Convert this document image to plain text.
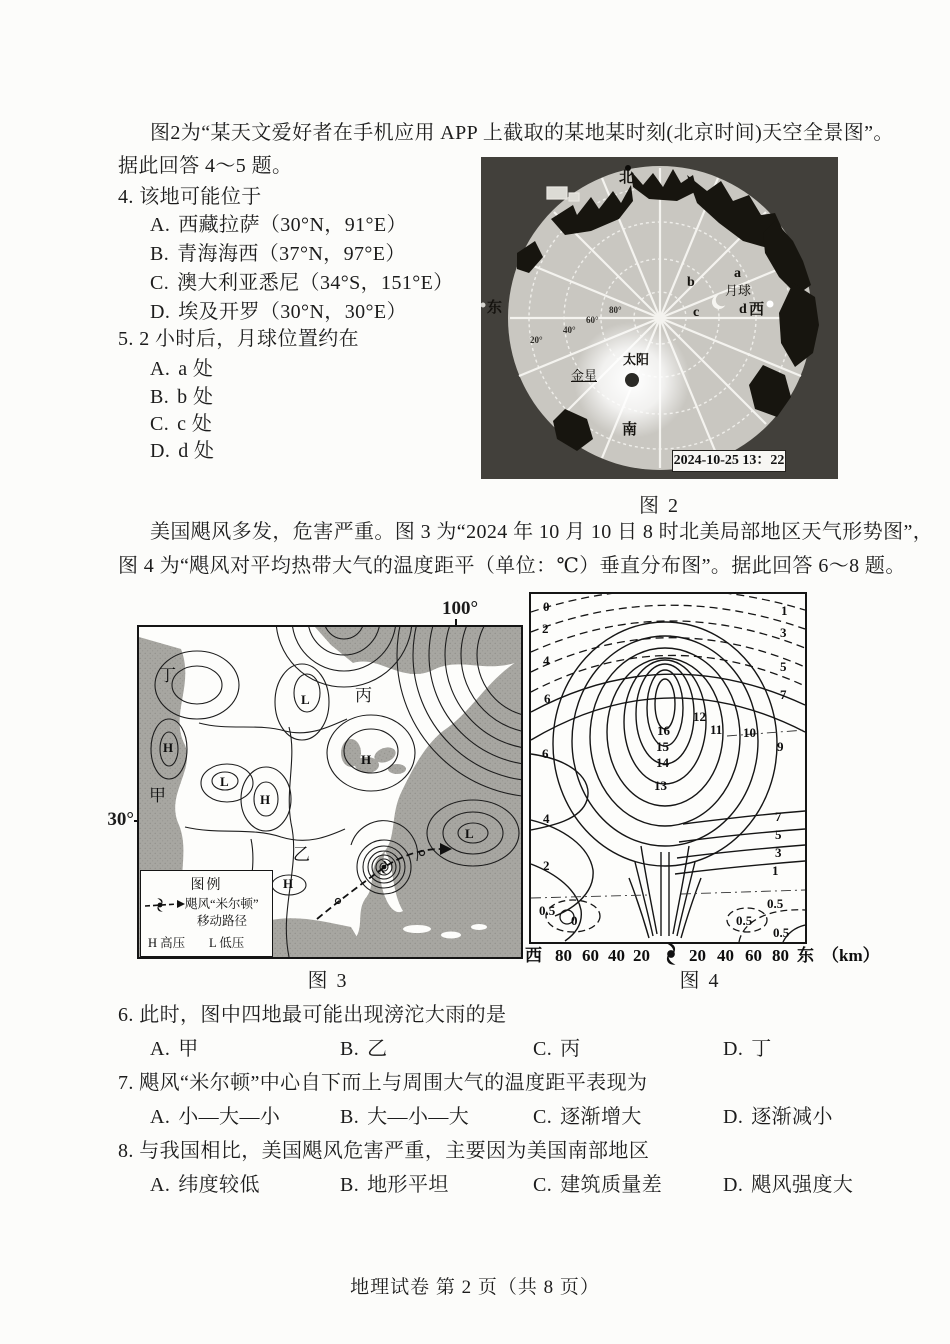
图2为“某天文爱好者在手机应用 APP 上截取的某地某时刻(北京时间)天空全景图”。
据此回答 4～5 题。
4. 该地可能位于
A. 西藏拉萨（30°N，91°E）
B. 青海海西（37°N，97°E）
C. 澳大利亚悉尼（34°S，151°E）
D. 埃及开罗（30°N，30°E）
5. 2 小时后，月球位置约在
A. a 处
B. b 处
C. c 处
D. d 处
北
东
南
西
a
b
c	d
月球
太阳
金星
80°
60°
40°
20°
2024-10-25 13：22
图 2
美国飓风多发，危害严重。图 3 为“2024 年 10 月 10 日 8 时北美局部地区天气形势图”，
图 4 为“飓风对平均热带大气的温度距平（单位：℃）垂直分布图”。据此回答 6～8 题。
100°
30°
丁
丙
甲
乙
H
L
H
L
H
L
H
图例
飓风“米尔顿”
移动路径
H 高压 L 低压
图 3
0
2
4
6
6
4
2
0.5
0
1
3
5
7
12
11 10
9
16
15
14
13
7
5
3
1
0.5
0.5
0.5
西 80 60 40 20 20 40 60 80 东 （km）
图 4
6. 此时，图中四地最可能出现滂沱大雨的是
A. 甲	B. 乙	C. 丙	D. 丁
7. 飓风“米尔顿”中心自下而上与周围大气的温度距平表现为
A. 小—大—小	B. 大—小—大	C. 逐渐增大	D. 逐渐减小
8. 与我国相比，美国飓风危害严重，主要因为美国南部地区
A. 纬度较低	B. 地形平坦	C. 建筑质量差	D. 飓风强度大
地理试卷 第 2 页（共 8 页）
